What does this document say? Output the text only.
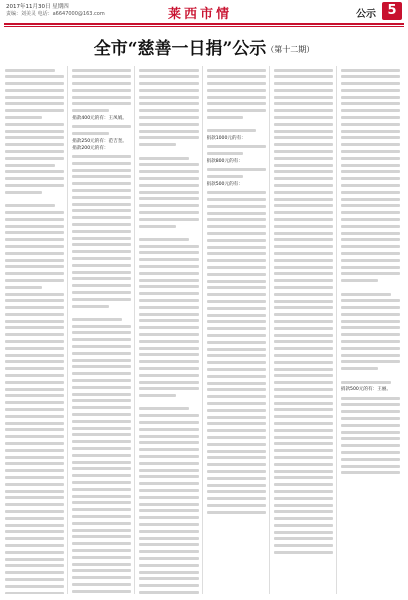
2017年11月30日 星期四
责编：刘美灵 电话：a6647000@163.com	莱西市情	公示 5
全市“慈善一日捐”公示（第十二期）
捐款400元的有：王凤娟。
捐款250元的有：范吉奎。
捐款200元的有：
捐款1000元的有：
捐款800元的有：
捐款500元的有：
捐款500元的有：王丽。
